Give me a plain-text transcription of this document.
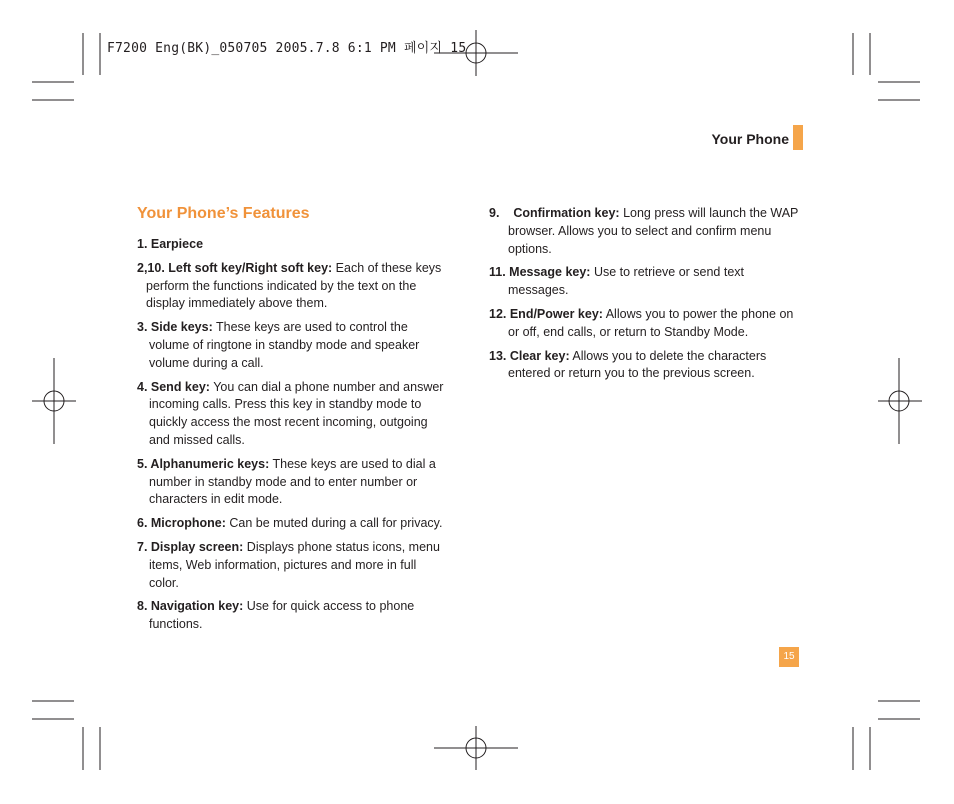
F7200 Eng(BK)_050705 2005.7.8 6:1 PM 페이지 15
Your Phone
Your Phone’s Features

1. Earpiece

2,10. Left soft key/Right soft key: Each of these keys perform the functions indicated by the text on the display immediately above them.

3. Side keys: These keys are used to control the volume of ringtone in standby mode and speaker volume during a call.

4. Send key: You can dial a phone number and answer incoming calls. Press this key in standby mode to quickly access the most recent incoming, outgoing and missed calls.

5. Alphanumeric keys: These keys are used to dial a number in standby mode and to enter number or characters in edit mode.

6. Microphone: Can be muted during a call for privacy.

7. Display screen: Displays phone status icons, menu items, Web information, pictures and more in full color.

8. Navigation key: Use for quick access to phone functions.

9.    Confirmation key: Long press will launch the WAP browser. Allows you to select and confirm menu options.

11. Message key: Use to retrieve or send text messages.

12. End/Power key: Allows you to power the phone on or off, end calls, or return to Standby Mode.

13. Clear key: Allows you to delete the characters entered or return you to the previous screen.

15
